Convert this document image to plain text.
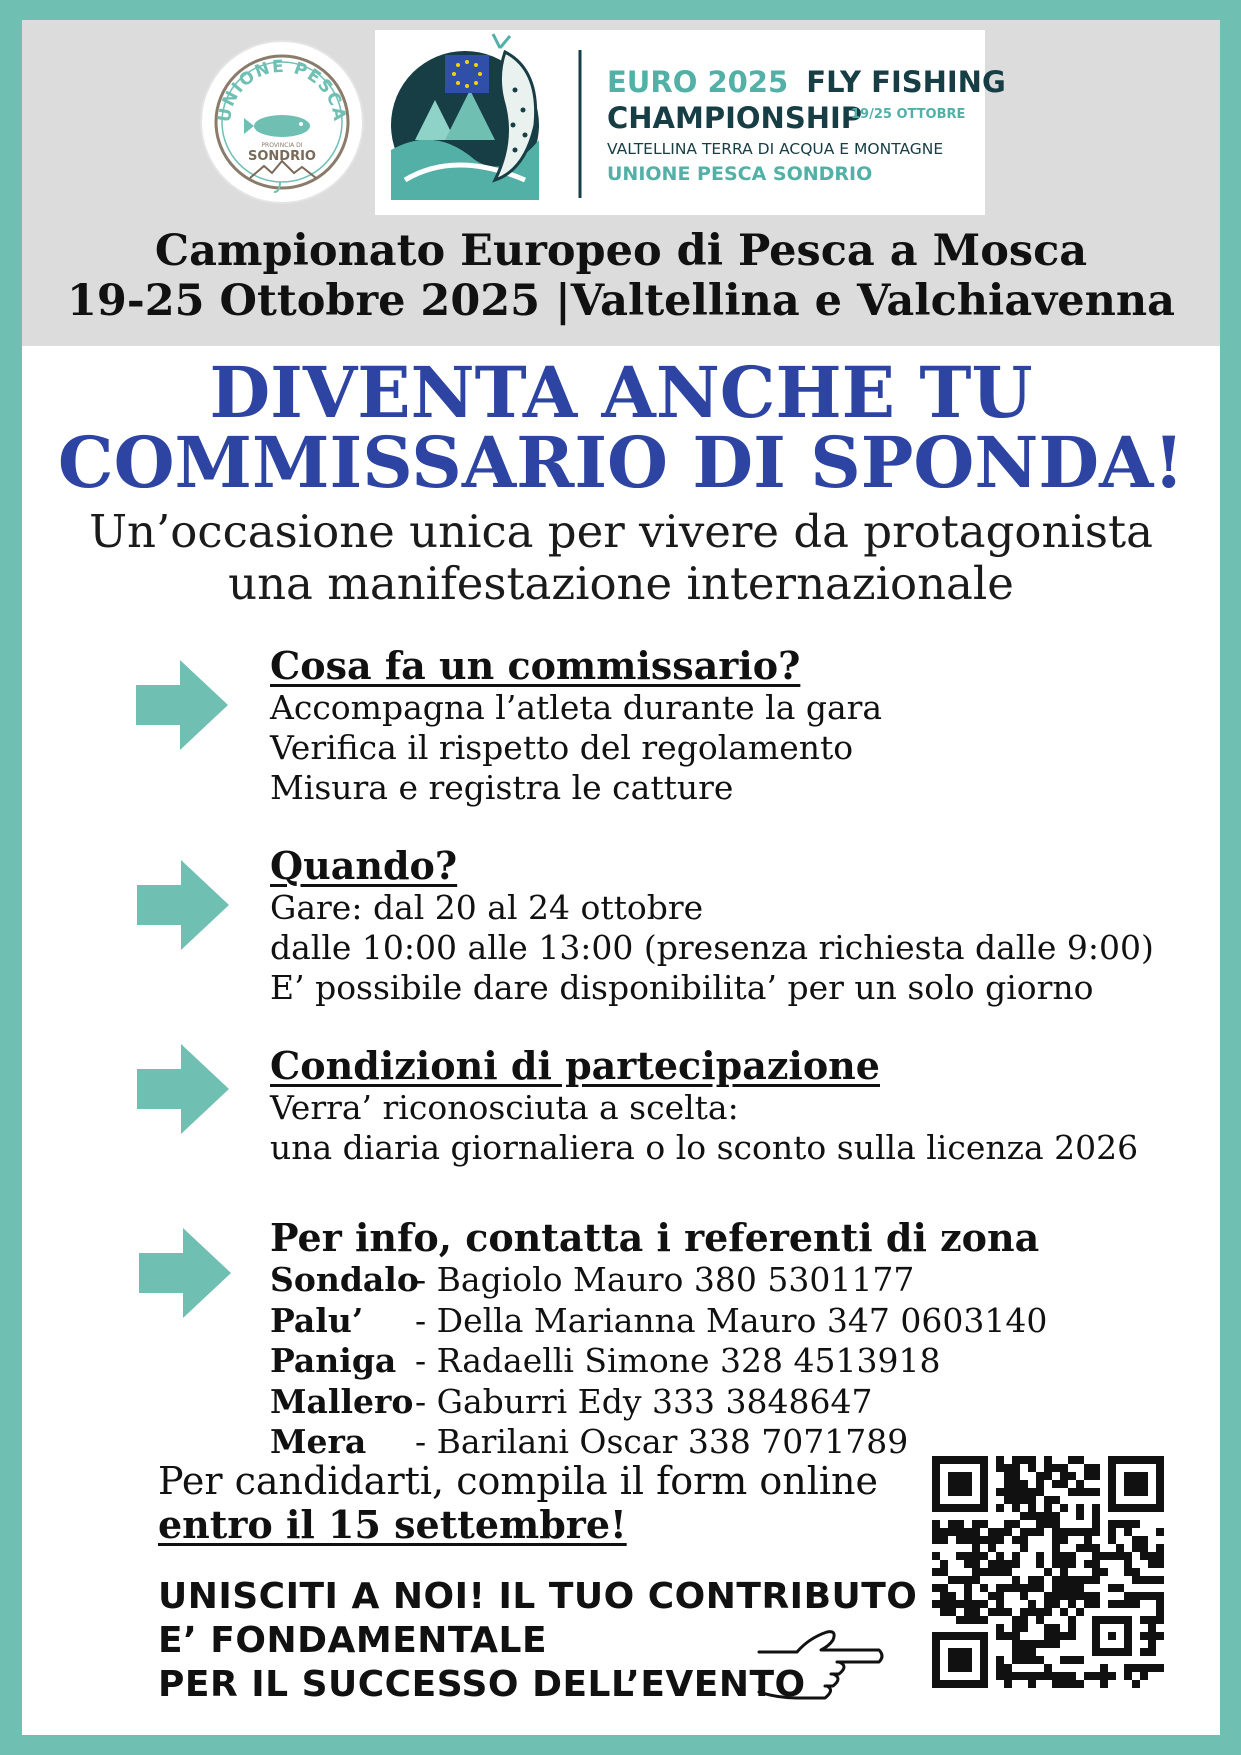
UNIONE PESCA
PROVINCIA DI
SONDRIO
EURO 2025 FLY FISHING
CHAMPIONSHIP
19/25 OTTOBRE
VALTELLINA TERRA DI ACQUA E MONTAGNE
UNIONE PESCA SONDRIO
Campionato Europeo di Pesca a Mosca
19-25 Ottobre 2025 |Valtellina e Valchiavenna
DIVENTA ANCHE TU
COMMISSARIO DI SPONDA!
Un’occasione unica per vivere da protagonista
una manifestazione internazionale
Cosa fa un commissario?
Accompagna l’atleta durante la gara
Verifica il rispetto del regolamento
Misura e registra le catture
Quando?
Gare: dal 20 al 24 ottobre
dalle 10:00 alle 13:00 (presenza richiesta dalle 9:00)
E’ possibile dare disponibilita’ per un solo giorno
Condizioni di partecipazione
Verra’ riconosciuta a scelta:
una diaria giornaliera o lo sconto sulla licenza 2026
Per info, contatta i referenti di zona
Sondalo- Bagiolo Mauro 380 5301177
Palu’ - Della Marianna Mauro 347 0603140
Paniga - Radaelli Simone 328 4513918
Mallero- Gaburri Edy 333 3848647
Mera - Barilani Oscar 338 7071789
Per candidarti, compila il form online
entro il 15 settembre!
UNISCITI A NOI! IL TUO CONTRIBUTO
E’ FONDAMENTALE
PER IL SUCCESSO DELL’EVENTO
